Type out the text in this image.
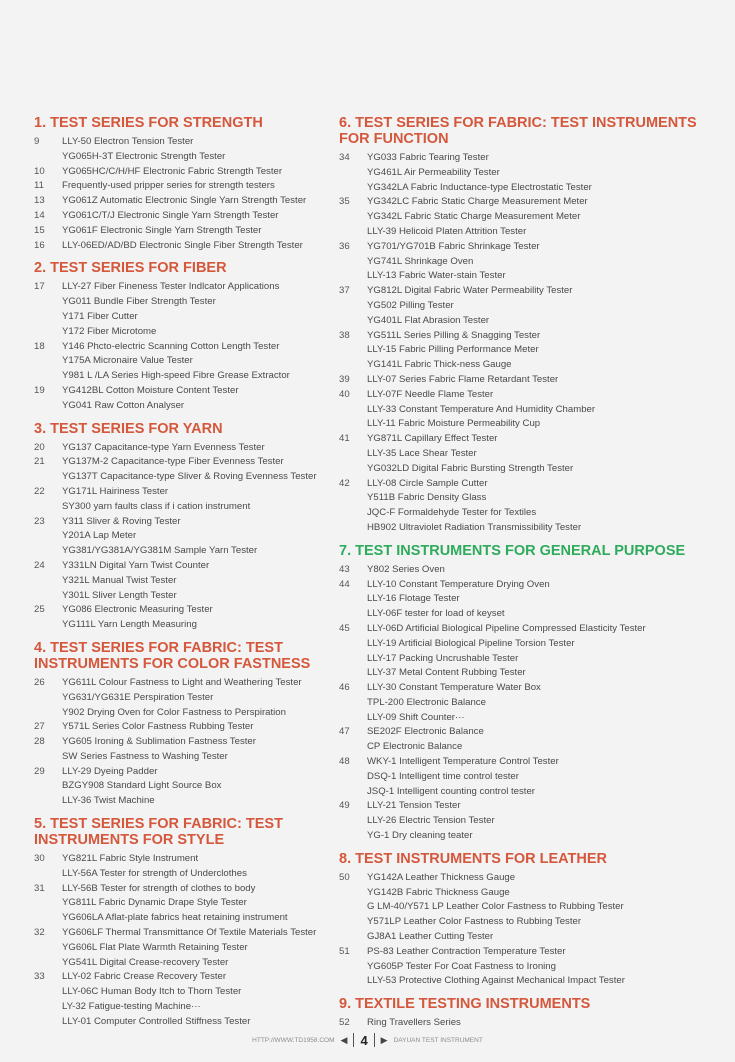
1. TEST SERIES FOR STRENGTH
9	LLY-50 Electron Tension Tester
YG065H-3T Electronic Strength Tester
10	YG065HC/C/H/HF Electronic Fabric Strength Tester
11	Frequently-used pripper series for strength testers
13	YG061Z Automatic Electronic Single Yarn Strength Tester
14	YG061C/T/J Electronic Single Yarn Strength Tester
15	YG061F Electronic Single Yarn Strength Tester
16	LLY-06ED/AD/BD Electronic Single Fiber Strength Tester
2. TEST SERIES FOR FIBER
17	LLY-27 Fiber Fineness Tester Indlcator Applications
YG011 Bundle Fiber Strength Tester
Y171 Fiber Cutter
Y172 Fiber Microtome
18	Y146 Phcto-electric Scanning Cotton Length Tester
Y175A Micronaire Value Tester
Y981 L /LA Series High-speed Fibre Grease Extractor
19	YG412BL Cotton Moisture Content Tester
YG041 Raw Cotton Analyser
3. TEST SERIES FOR YARN
20	YG137 Capacitance-type Yarn Evenness Tester
21	YG137M-2 Capacitance-type Fiber Evenness Tester
YG137T Capacitance-type Sliver & Roving Evenness Tester
22	YG171L Hairiness Tester
SY300 yarn faults class if i cation instrument
23	Y311 Sliver & Roving Tester
Y201A Lap Meter
YG381/YG381A/YG381M Sample Yarn Tester
24	Y331LN Digital Yarn Twist Counter
Y321L Manual Twist Tester
Y301L Sliver Length Tester
25	YG086 Electronic Measuring Tester
YG111L Yarn Length Measuring
4. TEST SERIES FOR FABRIC: TEST INSTRUMENTS FOR COLOR FASTNESS
26	YG611L Colour Fastness to Light and Weathering Tester
YG631/YG631E Perspiration Tester
Y902 Drying Oven for Color Fastness to Perspiration
27	Y571L Series Color Fastness Rubbing Tester
28	YG605 Ironing & Sublimation Fastness Tester
SW Series Fastness to Washing Tester
29	LLY-29 Dyeing Padder
BZGY908 Standard Light Source Box
LLY-36 Twist Machine
5. TEST SERIES FOR FABRIC: TEST INSTRUMENTS FOR STYLE
30	YG821L Fabric Style Instrument
LLY-56A Tester for strength of Underclothes
31	LLY-56B Tester for strength of clothes to body
YG811L Fabric Dynamic Drape Style Tester
YG606LA Aflat-plate fabrics heat retaining instrument
32	YG606LF Thermal Transmittance Of Textile Materials Tester
YG606L Flat Plate Warmth Retaining Tester
YG541L Digital Crease-recovery Tester
33	LLY-02 Fabric Crease Recovery Tester
LLY-06C Human Body Itch to Thorn Tester
LY-32 Fatigue-testing Machine···
LLY-01 Computer Controlled Stiffness Tester
6. TEST SERIES FOR FABRIC: TEST INSTRUMENTS FOR FUNCTION
34	YG033 Fabric Tearing Tester
YG461L Air Permeability Tester
YG342LA Fabric Inductance-type Electrostatic Tester
35	YG342LC Fabric Static Charge Measurement Meter
YG342L Fabric Static Charge Measurement Meter
LLY-39 Helicoid Platen Attrition Tester
36	YG701/YG701B Fabric Shrinkage Tester
YG741L Shrinkage Oven
LLY-13 Fabric Water-stain Tester
37	YG812L Digital Fabric Water Permeability Tester
YG502 Pilling Tester
YG401L Flat Abrasion Tester
38	YG511L Series Pilling & Snagging Tester
LLY-15 Fabric Pilling Performance Meter
YG141L Fabric Thick-ness Gauge
39	LLY-07 Series Fabric Flame Retardant Tester
40	LLY-07F Needle Flame Tester
LLY-33 Constant Temperature And Humidity Chamber
LLY-11 Fabric Moisture Permeability Cup
41	YG871L Capillary Effect Tester
LLY-35 Lace Shear Tester
YG032LD Digital Fabric Bursting Strength Tester
42	LLY-08 Circle Sample Cutter
Y511B Fabric Density Glass
JQC-F Formaldehyde Tester for Textiles
HB902 Ultraviolet Radiation Transmissibility Tester
7. TEST INSTRUMENTS FOR GENERAL PURPOSE
43	Y802 Series Oven
44	LLY-10 Constant Temperature Drying Oven
LLY-16 Flotage Tester
LLY-06F tester for load of keyset
45	LLY-06D Artificial Biological Pipeline Compressed Elasticity Tester
LLY-19 Artificial Biological Pipeline Torsion Tester
LLY-17 Packing Uncrushable Tester
LLY-37 Metal Content Rubbing Tester
46	LLY-30 Constant Temperature Water Box
TPL-200 Electronic Balance
LLY-09 Shift Counter···
47	SE202F Electronic Balance
CP Electronic Balance
48	WKY-1 Intelligent Temperature Control Tester
DSQ-1 Intelligent time control tester
JSQ-1 Intelligent counting control tester
49	LLY-21 Tension Tester
LLY-26 Electric Tension Tester
YG-1 Dry cleaning teater
8. TEST INSTRUMENTS FOR LEATHER
50	YG142A Leather Thickness Gauge
YG142B Fabric Thickness Gauge
G LM-40/Y571 LP Leather Color Fastness to Rubbing Tester
Y571LP Leather Color Fastness to Rubbing Tester
GJ8A1 Leather Cutting Tester
51	PS-83 Leather Contraction Temperature Tester
YG605P Tester For Coat Fastness to Ironing
LLY-53 Protective Clothing Against Mechanical Impact Tester
9. TEXTILE TESTING INSTRUMENTS
52	Ring Travellers Series
HTTP://WWW.TD1958.COM ◀ 4 ▶ DAYUAN TEST INSTRUMENT
